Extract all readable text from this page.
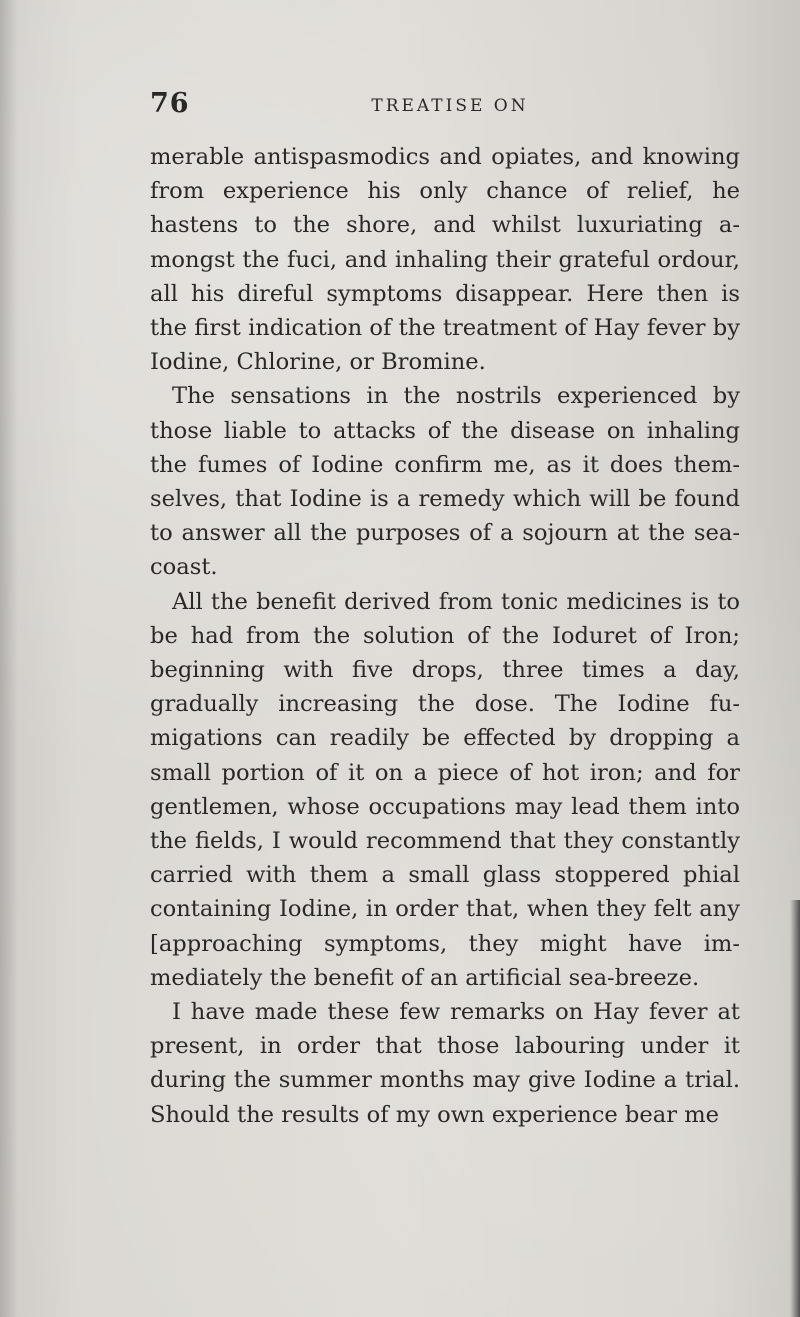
76	TREATISE ON

merable antispasmodics and opiates, and knowing from experience his only chance of relief, he hastens to the shore, and whilst luxuriating a-mongst the fuci, and inhaling their grateful ordour, all his direful symptoms disappear. Here then is the first indication of the treatment of Hay fever by Iodine, Chlorine, or Bromine.

The sensations in the nostrils experienced by those liable to attacks of the disease on inhaling the fumes of Iodine confirm me, as it does them-selves, that Iodine is a remedy which will be found to answer all the purposes of a sojourn at the sea-coast.

All the benefit derived from tonic medicines is to be had from the solution of the Ioduret of Iron; beginning with five drops, three times a day, gradually increasing the dose. The Iodine fu-migations can readily be effected by dropping a small portion of it on a piece of hot iron; and for gentlemen, whose occupations may lead them into the fields, I would recommend that they constantly carried with them a small glass stoppered phial containing Iodine, in order that, when they felt any [approaching symptoms, they might have im-mediately the benefit of an artificial sea-breeze.

I have made these few remarks on Hay fever at present, in order that those labouring under it during the summer months may give Iodine a trial. Should the results of my own experience bear me
